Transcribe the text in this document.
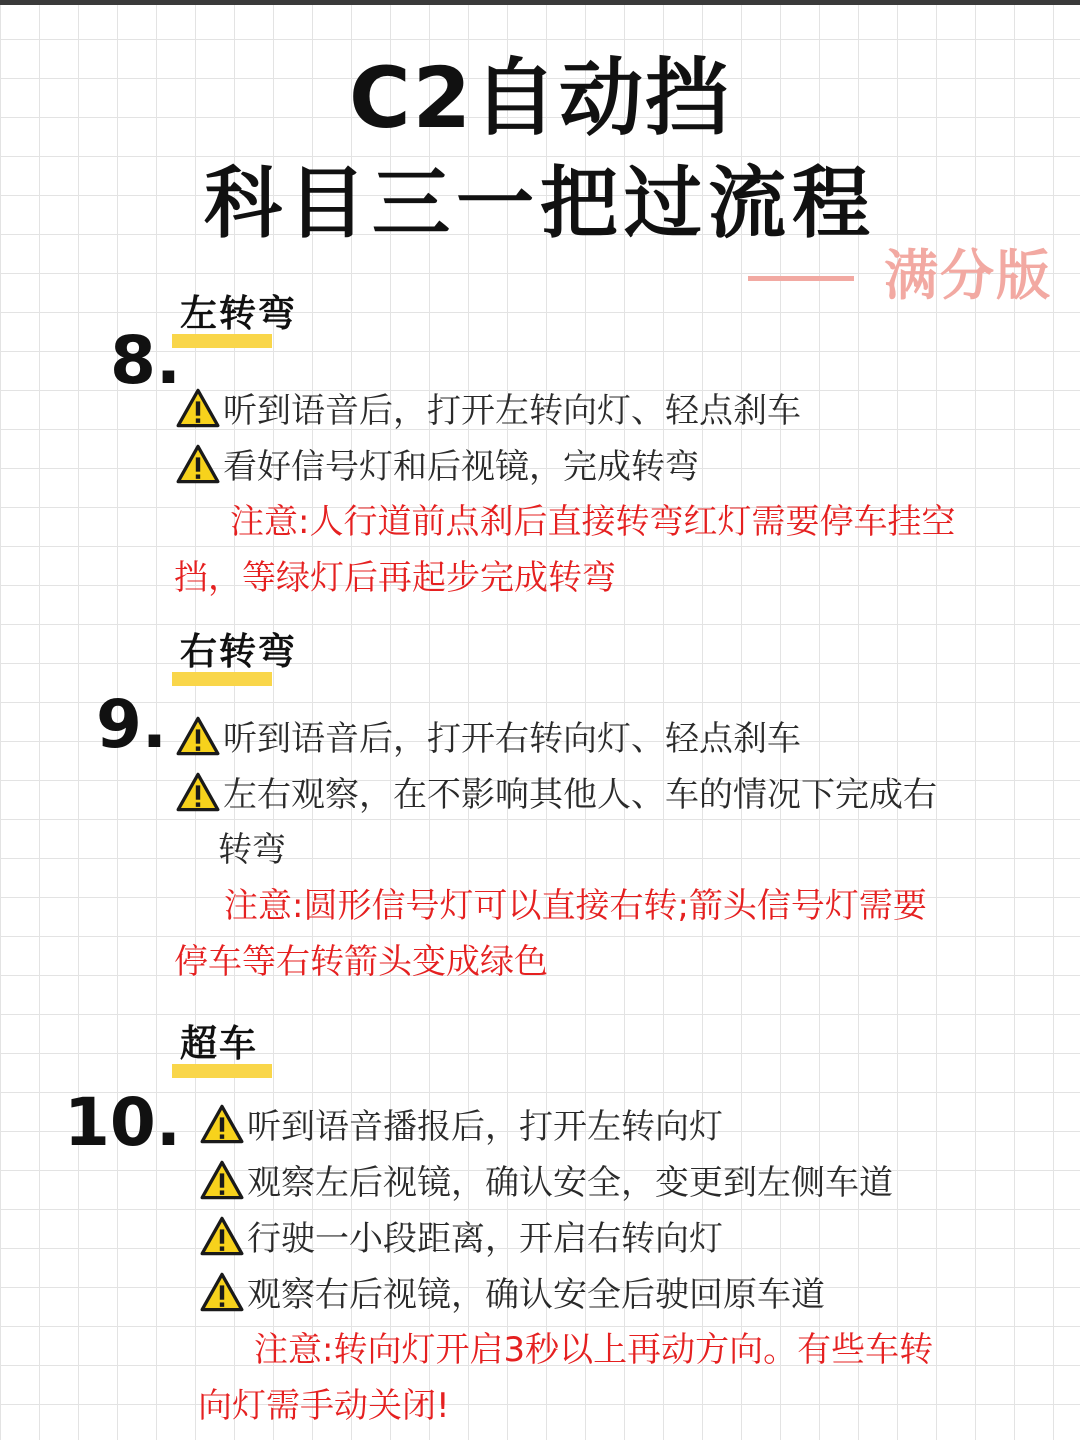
C2自动挡
科目三一把过流程
满分版
左转弯
8.
听到语音后，打开左转向灯、轻点刹车
看好信号灯和后视镜，完成转弯
注意:人行道前点刹后直接转弯红灯需要停车挂空
挡，等绿灯后再起步完成转弯
右转弯
9.	听到语音后，打开右转向灯、轻点刹车
左右观察，在不影响其他人、车的情况下完成右
转弯
注意:圆形信号灯可以直接右转;箭头信号灯需要
停车等右转箭头变成绿色
超车
10.	听到语音播报后，打开左转向灯
观察左后视镜，确认安全，变更到左侧车道
行驶一小段距离，开启右转向灯
观察右后视镜，确认安全后驶回原车道
注意:转向灯开启3秒以上再动方向。有些车转
向灯需手动关闭!
